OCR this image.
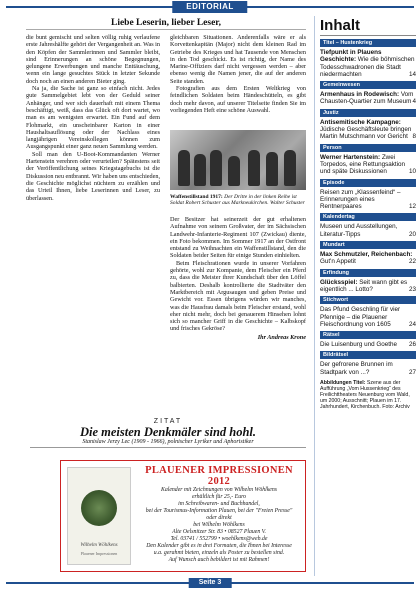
EDITORIAL
Liebe Leserin, lieber Leser,

die bunt gemischt und selten völlig ruhig verlaufene erste Jahreshälfte gehört der Vergangenheit an. Was in den Köpfen der Sammlerinnen und Sammler bleibt, sind Erinnerungen an schöne Begegnungen, gelungene Erwerbungen und manche Enttäuschung, wenn ein lange gesuchtes Stück in letzter Sekunde doch noch an einen anderen Bieter ging.

Na ja, die Sache ist ganz so einfach nicht. Jedes gute Sammelgebiet lebt von der Geduld seiner Anhänger, und wer sich dauerhaft mit einem Thema beschäftigt, weiß, dass das Glück oft dort wartet, wo man es am wenigsten erwartet. Ein Fund auf dem Flohmarkt, ein unscheinbarer Karton in einer Haushaltsauflösung oder der Nachlass eines langjährigen Vereinskollegen können zum Ausgangspunkt einer ganz neuen Sammlung werden.

Soll man den U-Boot-Kommandanten Werner Hartenstein verehren oder verurteilen? Spätestens seit der Veröffentlichung seines Kriegstagebuchs ist die Diskussion neu entbrannt. Wir haben uns entschieden, die Geschichte möglichst nüchtern zu erzählen und das Urteil Ihnen, liebe Leserinnen und Leser, zu überlassen.

gleichbaren Situationen. Anderenfalls wäre er als Korvettenkapitän (Major) nicht dem kleinen Rad im Getriebe des Krieges und hat Tausende von Menschen in den Tod geschickt. Es ist richtig, der Name des Marine-Offiziers darf nicht vergessen werden – aber ebenso wenig die Namen jener, die auf der anderen Seite standen.

Fotografien aus dem Ersten Weltkrieg von feindlichen Soldaten beim Händeschütteln, es gibt doch mehr davon, auf unserer Titelseite finden Sie im vorliegenden Heft eine schöne Auswahl.

Waffenstillstand 1917: Der Dritte in der linken Reihe ist Soldat Robert Schuster aus Markneukirchen. Walter Schuster

Der Besitzer hat seinerzeit der gut erhaltenen Aufnahme von seinem Großvater, der im Sächsischen Landwehr-Infanterie-Regiment 107 (Zwickau) diente, ein Foto bekommen. Im Sommer 1917 an der Ostfront entstand zu Weihnachten ein Waffenstillstand, den die Soldaten beider Seiten für einige Stunden einhielten.

Beim Fleischrationen wurde in unserer Vorfahren gehörte, wohl zur Kompanie, dem Fleischer ein Pferd zu, dass die Meister ihrer Kundschaft über den Löffel balbierten. Deshalb kontrollierte die Stadtväter den Marktbereich mit Argusaugen und geben Preise und Gewicht vor. Essen übrigens würden wir manches, was die Hausfrau damals beim Fleischer erstand, wohl eher nicht mehr, doch bei genauerem Hinsehen lohnt sich so mancher Griff in die Geschichte – Kalbskopf und frisches Gekröse?

Ihr Andreas Krone
Inhalt
Titel – Hustenkrieg
Tiefpunkt in Plauens Geschichte: Wie die böhmischen Todesschwadronen die Stadt niedermachten	14
Gemeinwesen
Armenhaus in Rodewisch: Vom Chausten-Quartier zum Museum 4
Justiz
Antisemitische Kampagne: Jüdische Geschäftsleute bringen Martin Mutschmann vor Gericht 8
Person
Werner Hartenstein: Zwei Torpedos, eine Rettungsaktion und späte Diskussionen	10
Episode
Reisen zum „Klassenfeind“ – Erinnerungen eines Rentnerpaares	12
Kalendertag
Museen und Ausstellungen, Literatur-Tipps	20
Mundart
Max Schmutzler, Reichenbach: Gut'n Appetit	22
Erfindung
Glücksspiel: Seit wann gibt es eigentlich ... Lotto?	23
Stichwort
Das Pfund Geschling für vier Pfennige – die Plauener Fleischordnung von 1605	24
Rätsel
Die Luisenburg und Goethe 26
Bildrätsel
Der gefrorene Brunnen im Stadtpark von ...?	27
Abbildungen Titel: Szene aus der Aufführung „Vom Hussenkrieg“ des Freilichttheaters Neuenburg vom Wald, um 2000; Ausschnitt; Plauen im 17. Jahrhundert, Kirchenbuch. Foto: Archiv
ZITAT
Die meisten Denkmäler sind hohl.
Stanislaw Jerzy Lec (1909 - 1966), polnischer Lyriker und Aphoristiker
Wilhelm Wöhlkens
Plauener Impressionen
PLAUENER IMPRESSIONEN 2012
Kalender mit Zeichnungen von Wilhelm Wöhlkens
erhältlich für 25,- Euro
im Schreibwaren- und Buchhandel,
bei der Tourismus-Information Plauen, bei der "Freien Presse"
oder direkt
bei Wilhelm Wöhlkens
Alte Oelsnitzer Str. 83 • 08527 Plauen V.
Tel. 03741 / 552799 • woehlkens@web.de
Den Kalender gibt es in drei Formaten, die Ihnen bei Interesse
u.a. gerahmt bieten, einzeln als Poster zu bestellen sind.
Auf Wunsch auch bebildert ist mit Rahmen!
Seite 3
